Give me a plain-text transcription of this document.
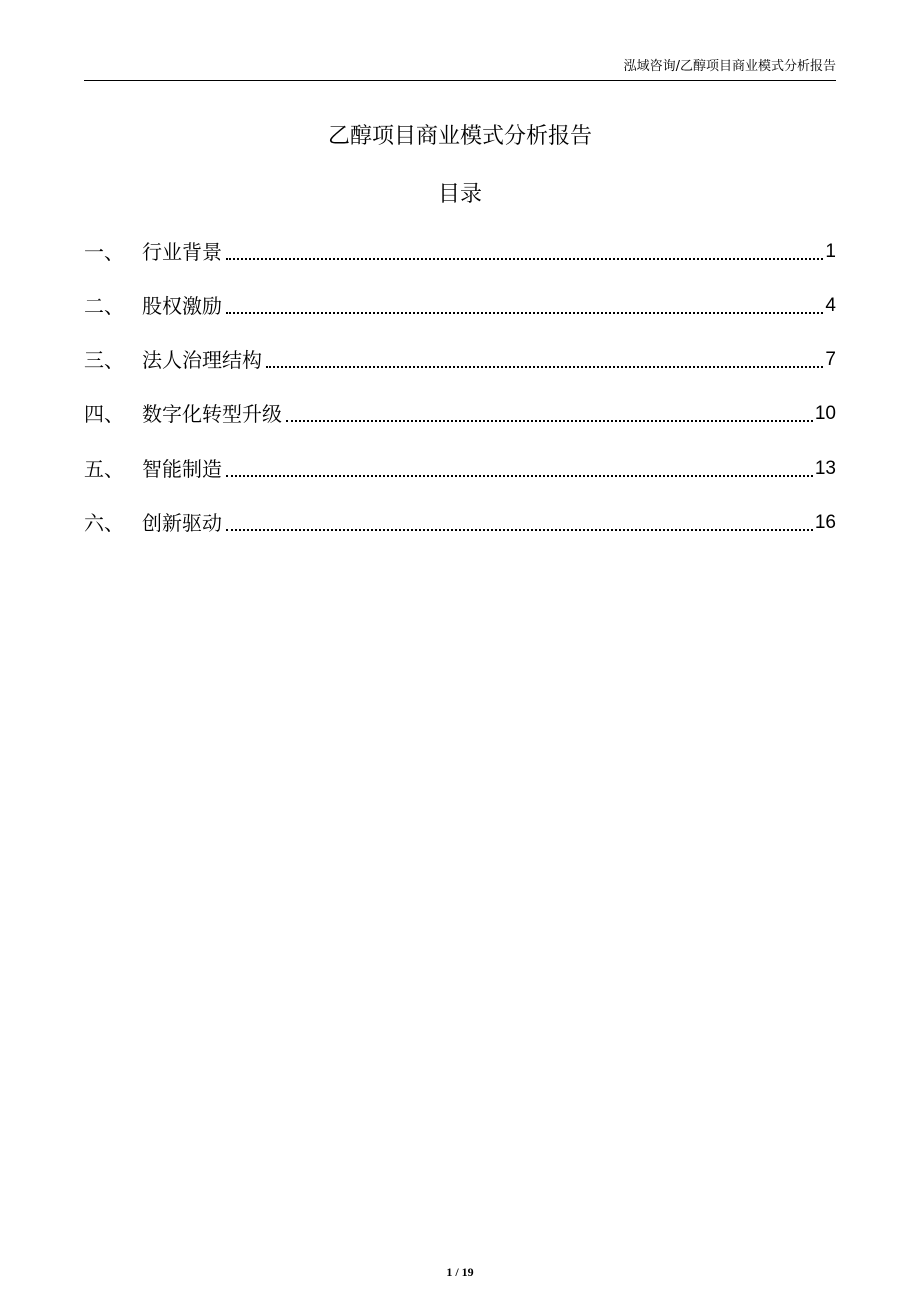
泓域咨询/乙醇项目商业模式分析报告
乙醇项目商业模式分析报告
目录
一、 行业背景	1
二、 股权激励	4
三、 法人治理结构	7
四、 数字化转型升级	10
五、 智能制造	13
六、 创新驱动	16
1 / 19
